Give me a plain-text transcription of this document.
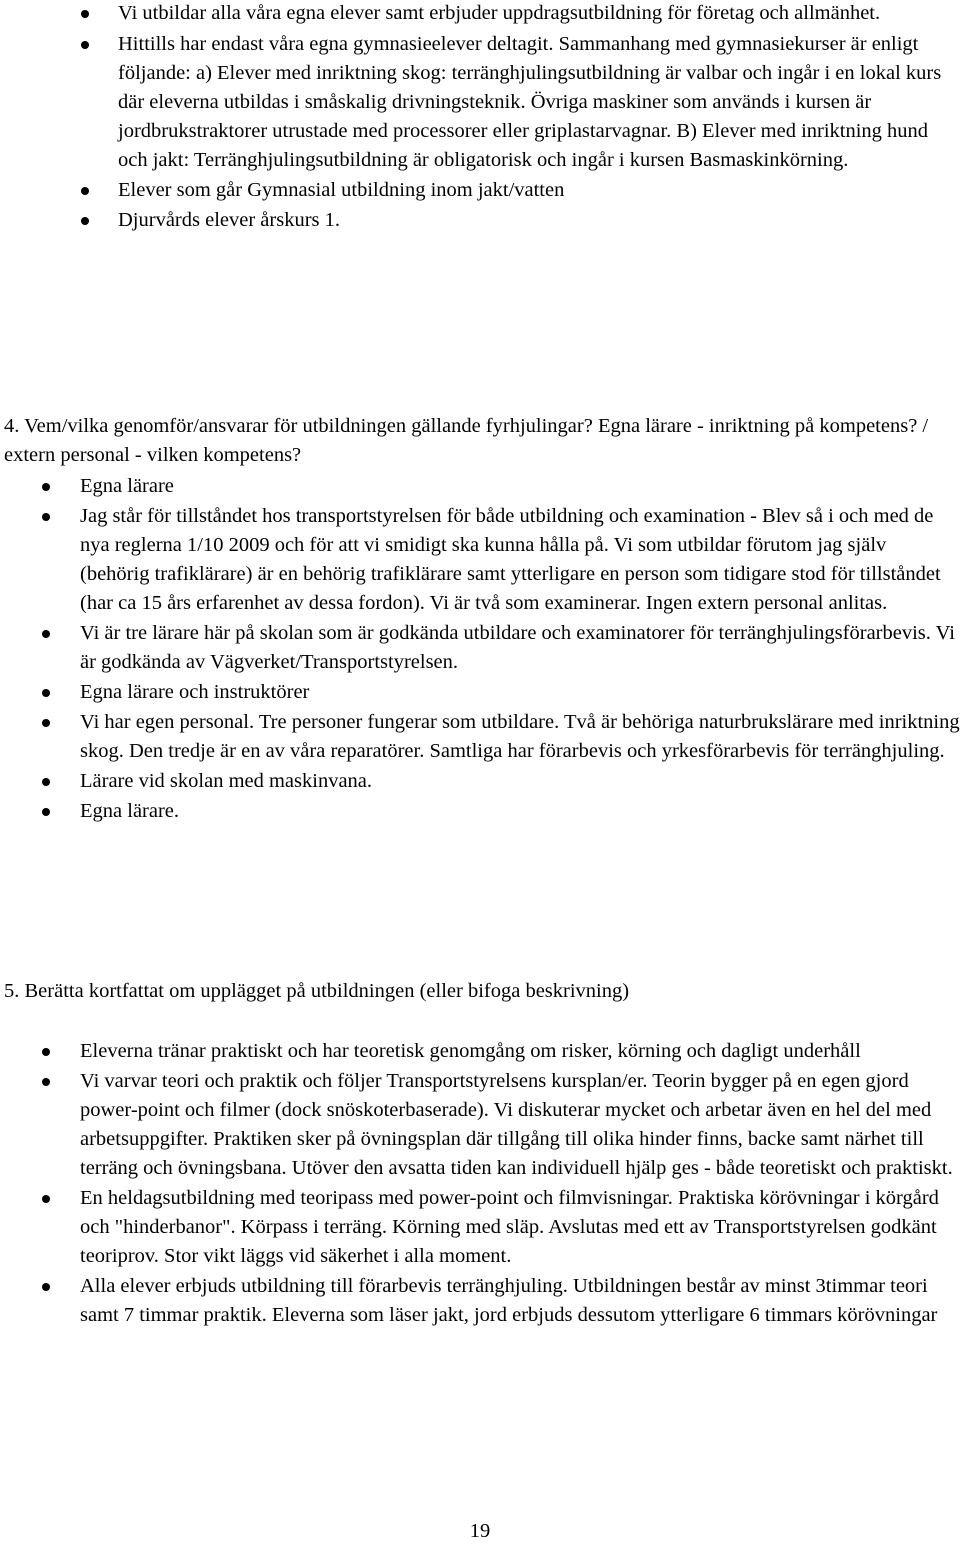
Vi utbildar alla våra egna elever samt erbjuder uppdragsutbildning för företag och allmänhet.
Hittills har endast våra egna gymnasieelever deltagit. Sammanhang med gymnasiekurser är enligt följande: a) Elever med inriktning skog: terränghjulingsutbildning är valbar och ingår i en lokal kurs där eleverna utbildas i småskalig drivningsteknik. Övriga maskiner som används i kursen är jordbrukstraktorer utrustade med processorer eller griplastarvagnar. B) Elever med inriktning hund och jakt: Terränghjulingsutbildning är obligatorisk och ingår i kursen Basmaskinkörning.
Elever som går Gymnasial utbildning inom jakt/vatten
Djurvårds elever årskurs 1.
4. Vem/vilka genomför/ansvarar för utbildningen gällande fyrhjulingar? Egna lärare - inriktning på kompetens? / extern personal - vilken kompetens?
Egna lärare
Jag står för tillståndet hos transportstyrelsen för både utbildning och examination - Blev så i och med de nya reglerna 1/10 2009 och för att vi smidigt ska kunna hålla på. Vi som utbildar förutom jag själv (behörig trafiklärare) är en behörig trafiklärare samt ytterligare en person som tidigare stod för tillståndet (har ca 15 års erfarenhet av dessa fordon). Vi är två som examinerar. Ingen extern personal anlitas.
Vi är tre lärare här på skolan som är godkända utbildare och examinatorer för terränghjulingsförarbevis. Vi är godkända av Vägverket/Transportstyrelsen.
Egna lärare och instruktörer
Vi har egen personal. Tre personer fungerar som utbildare. Två är behöriga naturbrukslärare med inriktning skog. Den tredje är en av våra reparatörer. Samtliga har förarbevis och yrkesförarbevis för terränghjuling.
Lärare vid skolan med maskinvana.
Egna lärare.
5. Berätta kortfattat om upplägget på utbildningen (eller bifoga beskrivning)
Eleverna tränar praktiskt och har teoretisk genomgång om risker, körning och dagligt underhåll
Vi varvar teori och praktik och följer Transportstyrelsens kursplan/er. Teorin bygger på en egen gjord power-point och filmer (dock snöskoterbaserade). Vi diskuterar mycket och arbetar även en hel del med arbetsuppgifter. Praktiken sker på övningsplan där tillgång till olika hinder finns, backe samt närhet till terräng och övningsbana. Utöver den avsatta tiden kan individuell hjälp ges - både teoretiskt och praktiskt.
En heldagsutbildning med teoripass med power-point och filmvisningar. Praktiska körövningar i körgård och "hinderbanor". Körpass i terräng. Körning med släp. Avslutas med ett av Transportstyrelsen godkänt teoriprov. Stor vikt läggs vid säkerhet i alla moment.
Alla elever erbjuds utbildning till förarbevis terränghjuling. Utbildningen består av minst 3timmar teori samt 7 timmar praktik. Eleverna som läser jakt, jord erbjuds dessutom ytterligare 6 timmars körövningar
19
